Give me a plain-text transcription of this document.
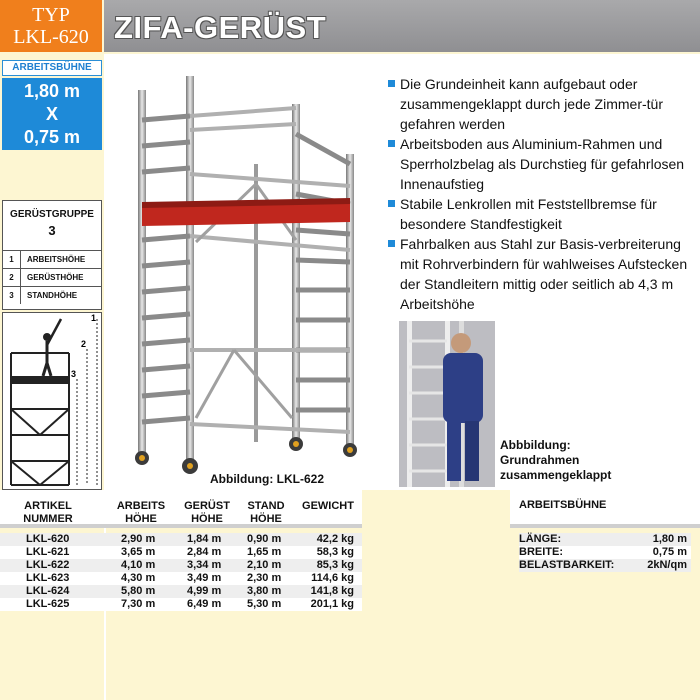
TYP
LKL-620 ZIFA-GERÜST
ARBEITSBÜHNE
1,80 m
X
0,75 m
GERÜSTGRUPPE
3
1	ARBEITSHÖHE
2	GERÜSTHÖHE
3	STANDHÖHE
1
2
3
Abbildung: LKL-622
Die Grundeinheit kann aufgebaut oder zusammengeklappt durch jede Zimmer-tür gefahren werden
Arbeitsboden aus Aluminium-Rahmen und Sperrholzbelag als Durchstieg für gefahrlosen Innenaufstieg
Stabile Lenkrollen mit Feststellbremse für besondere Standfestigkeit
Fahrbalken aus Stahl zur Basis-verbreiterung mit Rohrverbindern für wahlweises Aufstecken der Standleitern mittig oder seitlich ab 4,3 m Arbeitshöhe
Abbbildung:
Grundrahmen
zusammengeklappt
ARTIKEL
NUMMER
ARBEITS
HÖHE
GERÜST
HÖHE
STAND
HÖHE
GEWICHT
LKL-620	2,90 m	1,84 m 0,90 m	42,2 kg
LKL-621	3,65 m	2,84 m 1,65 m	58,3 kg
LKL-622	4,10 m	3,34 m 2,10 m	85,3 kg
LKL-623	4,30 m	3,49 m 2,30 m	114,6 kg
LKL-624	5,80 m	4,99 m 3,80 m	141,8 kg
LKL-625	7,30 m	6,49 m 5,30 m	201,1 kg
ARBEITSBÜHNE
LÄNGE:	1,80 m
BREITE:	0,75 m
BELASTBARKEIT:	2kN/qm
